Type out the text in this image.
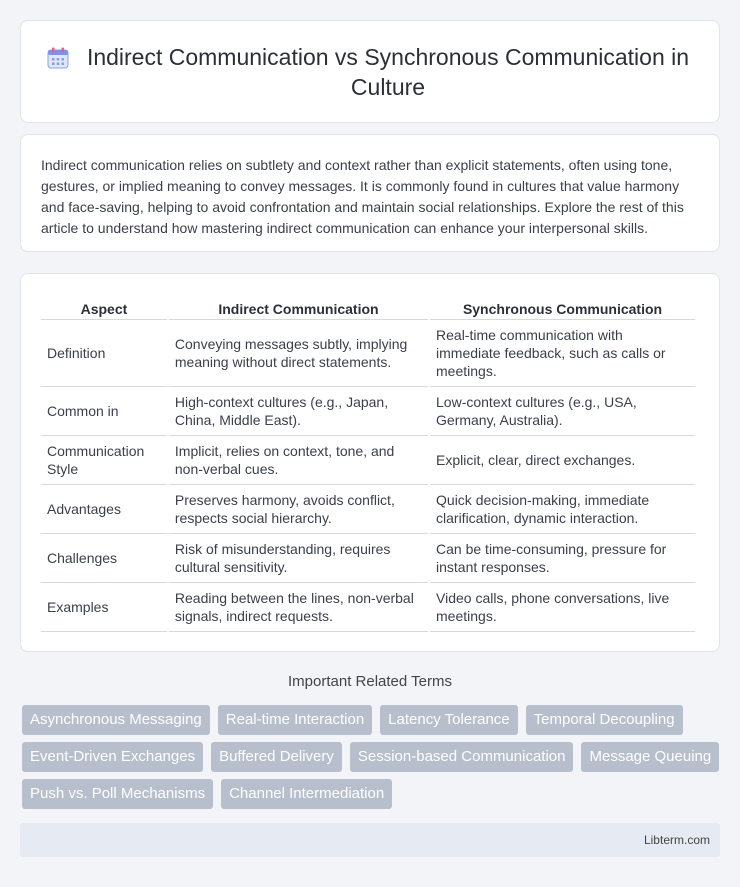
Indirect Communication vs Synchronous Communication in Culture

Indirect communication relies on subtlety and context rather than explicit statements, often using tone, gestures, or implied meaning to convey messages. It is commonly found in cultures that value harmony and face-saving, helping to avoid confrontation and maintain social relationships. Explore the rest of this article to understand how mastering indirect communication can enhance your interpersonal skills.

Aspect	Indirect Communication	Synchronous Communication
Definition	Conveying messages subtly, implying meaning without direct statements.	Real-time communication with immediate feedback, such as calls or meetings.
Common in	High-context cultures (e.g., Japan, China, Middle East).	Low-context cultures (e.g., USA, Germany, Australia).
Communication Style	Implicit, relies on context, tone, and non-verbal cues.	Explicit, clear, direct exchanges.
Advantages	Preserves harmony, avoids conflict, respects social hierarchy.	Quick decision-making, immediate clarification, dynamic interaction.
Challenges	Risk of misunderstanding, requires cultural sensitivity.	Can be time-consuming, pressure for instant responses.
Examples	Reading between the lines, non-verbal signals, indirect requests.	Video calls, phone conversations, live meetings.
Important Related Terms
Asynchronous Messaging	Real-time Interaction	Latency Tolerance	Temporal Decoupling
Event-Driven Exchanges	Buffered Delivery	Session-based Communication	Message Queuing
Push vs. Poll Mechanisms	Channel Intermediation
Libterm.com
